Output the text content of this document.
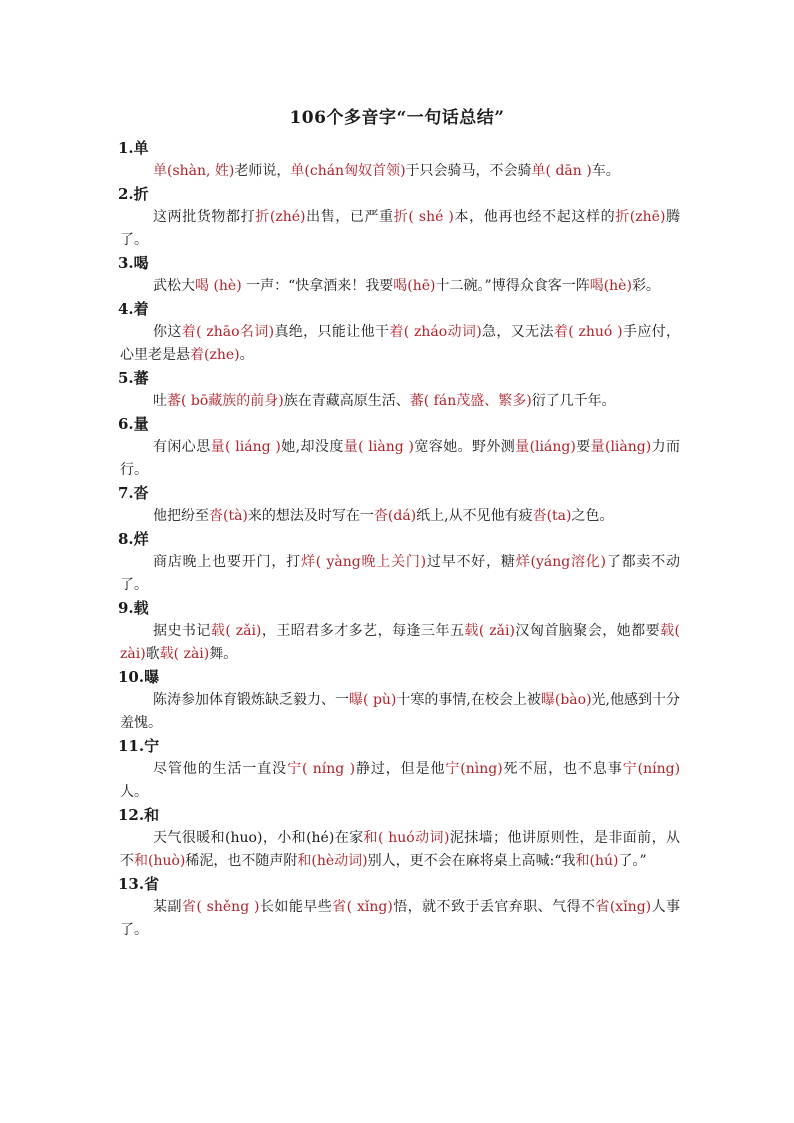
106个多音字“一句话总结”
1.单

单(shàn, 姓)老师说，单(chán匈奴首领)于只会骑马，不会骑单( dān )车。

2.折

这两批货物都打折(zhé)出售，已严重折( shé )本，他再也经不起这样的折(zhē)腾了。

3.喝

武松大喝 (hè) 一声：“快拿酒来！我要喝(hē)十二碗。”博得众食客一阵喝(hè)彩。

4.着

你这着( zhāo名词)真绝，只能让他干着( zháo动词)急，又无法着( zhuó )手应付，心里老是悬着(zhe)。

5.蕃

吐蕃( bō藏族的前身)族在青藏高原生活、蕃( fán茂盛、繁多)衍了几千年。

6.量

有闲心思量( liáng )她,却没度量( liàng )宽容她。野外测量(liáng)要量(liàng)力而行。

7.沓

他把纷至沓(tà)来的想法及时写在一沓(dá)纸上,从不见他有疲沓(ta)之色。

8.烊

商店晚上也要开门，打烊( yàng晚上关门)过早不好，糖烊(yáng溶化)了都卖不动了。

9.载

据史书记载( zǎi)，王昭君多才多艺，每逢三年五载( zǎi)汉匈首脑聚会，她都要载( zài)歌载( zài)舞。

10.曝

陈涛参加体育锻炼缺乏毅力、一曝( pù)十寒的事情,在校会上被曝(bào)光,他感到十分羞愧。

11.宁

尽管他的生活一直没宁( níng )静过，但是他宁(nìng)死不屈，也不息事宁(níng)人。

12.和

天气很暖和(huo)，小和(hé)在家和( huó动词)泥抹墙；他讲原则性，是非面前，从不和(huò)稀泥，也不随声附和(hè动词)别人，更不会在麻将桌上高喊:“我和(hú)了。”

13.省

某副省( shěng )长如能早些省( xǐng)悟，就不致于丢官弃职、气得不省(xǐng)人事了。
